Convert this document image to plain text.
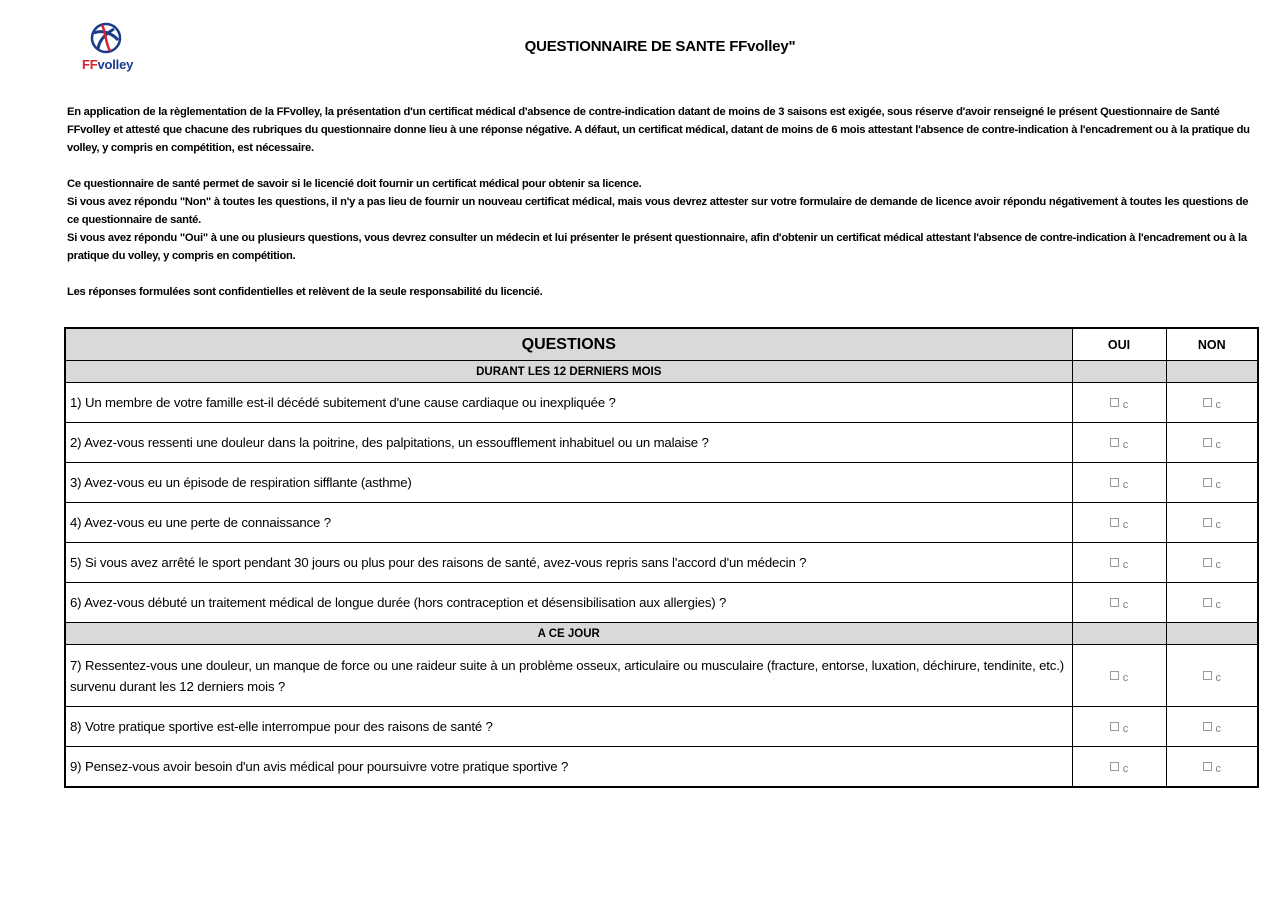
FFvolley
QUESTIONNAIRE DE SANTE FFvolley"

En application de la règlementation de la FFvolley, la présentation d'un certificat médical d'absence de contre-indication datant de moins de 3 saisons est exigée, sous réserve d'avoir renseigné le présent Questionnaire de Santé FFvolley et attesté que chacune des rubriques du questionnaire donne lieu à une réponse négative. A défaut, un certificat médical, datant de moins de 6 mois attestant l'absence de contre-indication à l'encadrement ou à la pratique du volley, y compris en compétition, est nécessaire.

Ce questionnaire de santé permet de savoir si le licencié doit fournir un certificat médical pour obtenir sa licence.

Si vous avez répondu "Non" à toutes les questions, il n'y a pas lieu de fournir un nouveau certificat médical, mais vous devrez attester sur votre formulaire de demande de licence avoir répondu négativement à toutes les questions de ce questionnaire de santé.

Si vous avez répondu "Oui" à une ou plusieurs questions, vous devrez consulter un médecin et lui présenter le présent questionnaire, afin d'obtenir un certificat médical attestant l'absence de contre-indication à l'encadrement ou à la pratique du volley, y compris en compétition.

Les réponses formulées sont confidentielles et relèvent de la seule responsabilité du licencié.

QUESTIONS	OUI	NON
DURANT LES 12 DERNIERS MOIS		
1) Un membre de votre famille est-il décédé subitement d'une cause cardiaque ou inexpliquée ?	c	c
2) Avez-vous ressenti une douleur dans la poitrine, des palpitations, un essoufflement inhabituel ou un malaise ?	c	c
3) Avez-vous eu un épisode de respiration sifflante (asthme)	c	c
4) Avez-vous eu une perte de connaissance ?	c	c
5) Si vous avez arrêté le sport pendant 30 jours ou plus pour des raisons de santé, avez-vous repris sans l'accord d'un médecin ?	c	c
6) Avez-vous débuté un traitement médical de longue durée (hors contraception et désensibilisation aux allergies) ?	c	c
A CE JOUR		
7) Ressentez-vous une douleur, un manque de force ou une raideur suite à un problème osseux, articulaire ou musculaire (fracture, entorse, luxation, déchirure, tendinite, etc.) survenu durant les 12 derniers mois ?	c	c
8) Votre pratique sportive est-elle interrompue pour des raisons de santé ?	c	c
9) Pensez-vous avoir besoin d'un avis médical pour poursuivre votre pratique sportive ?	c	c
